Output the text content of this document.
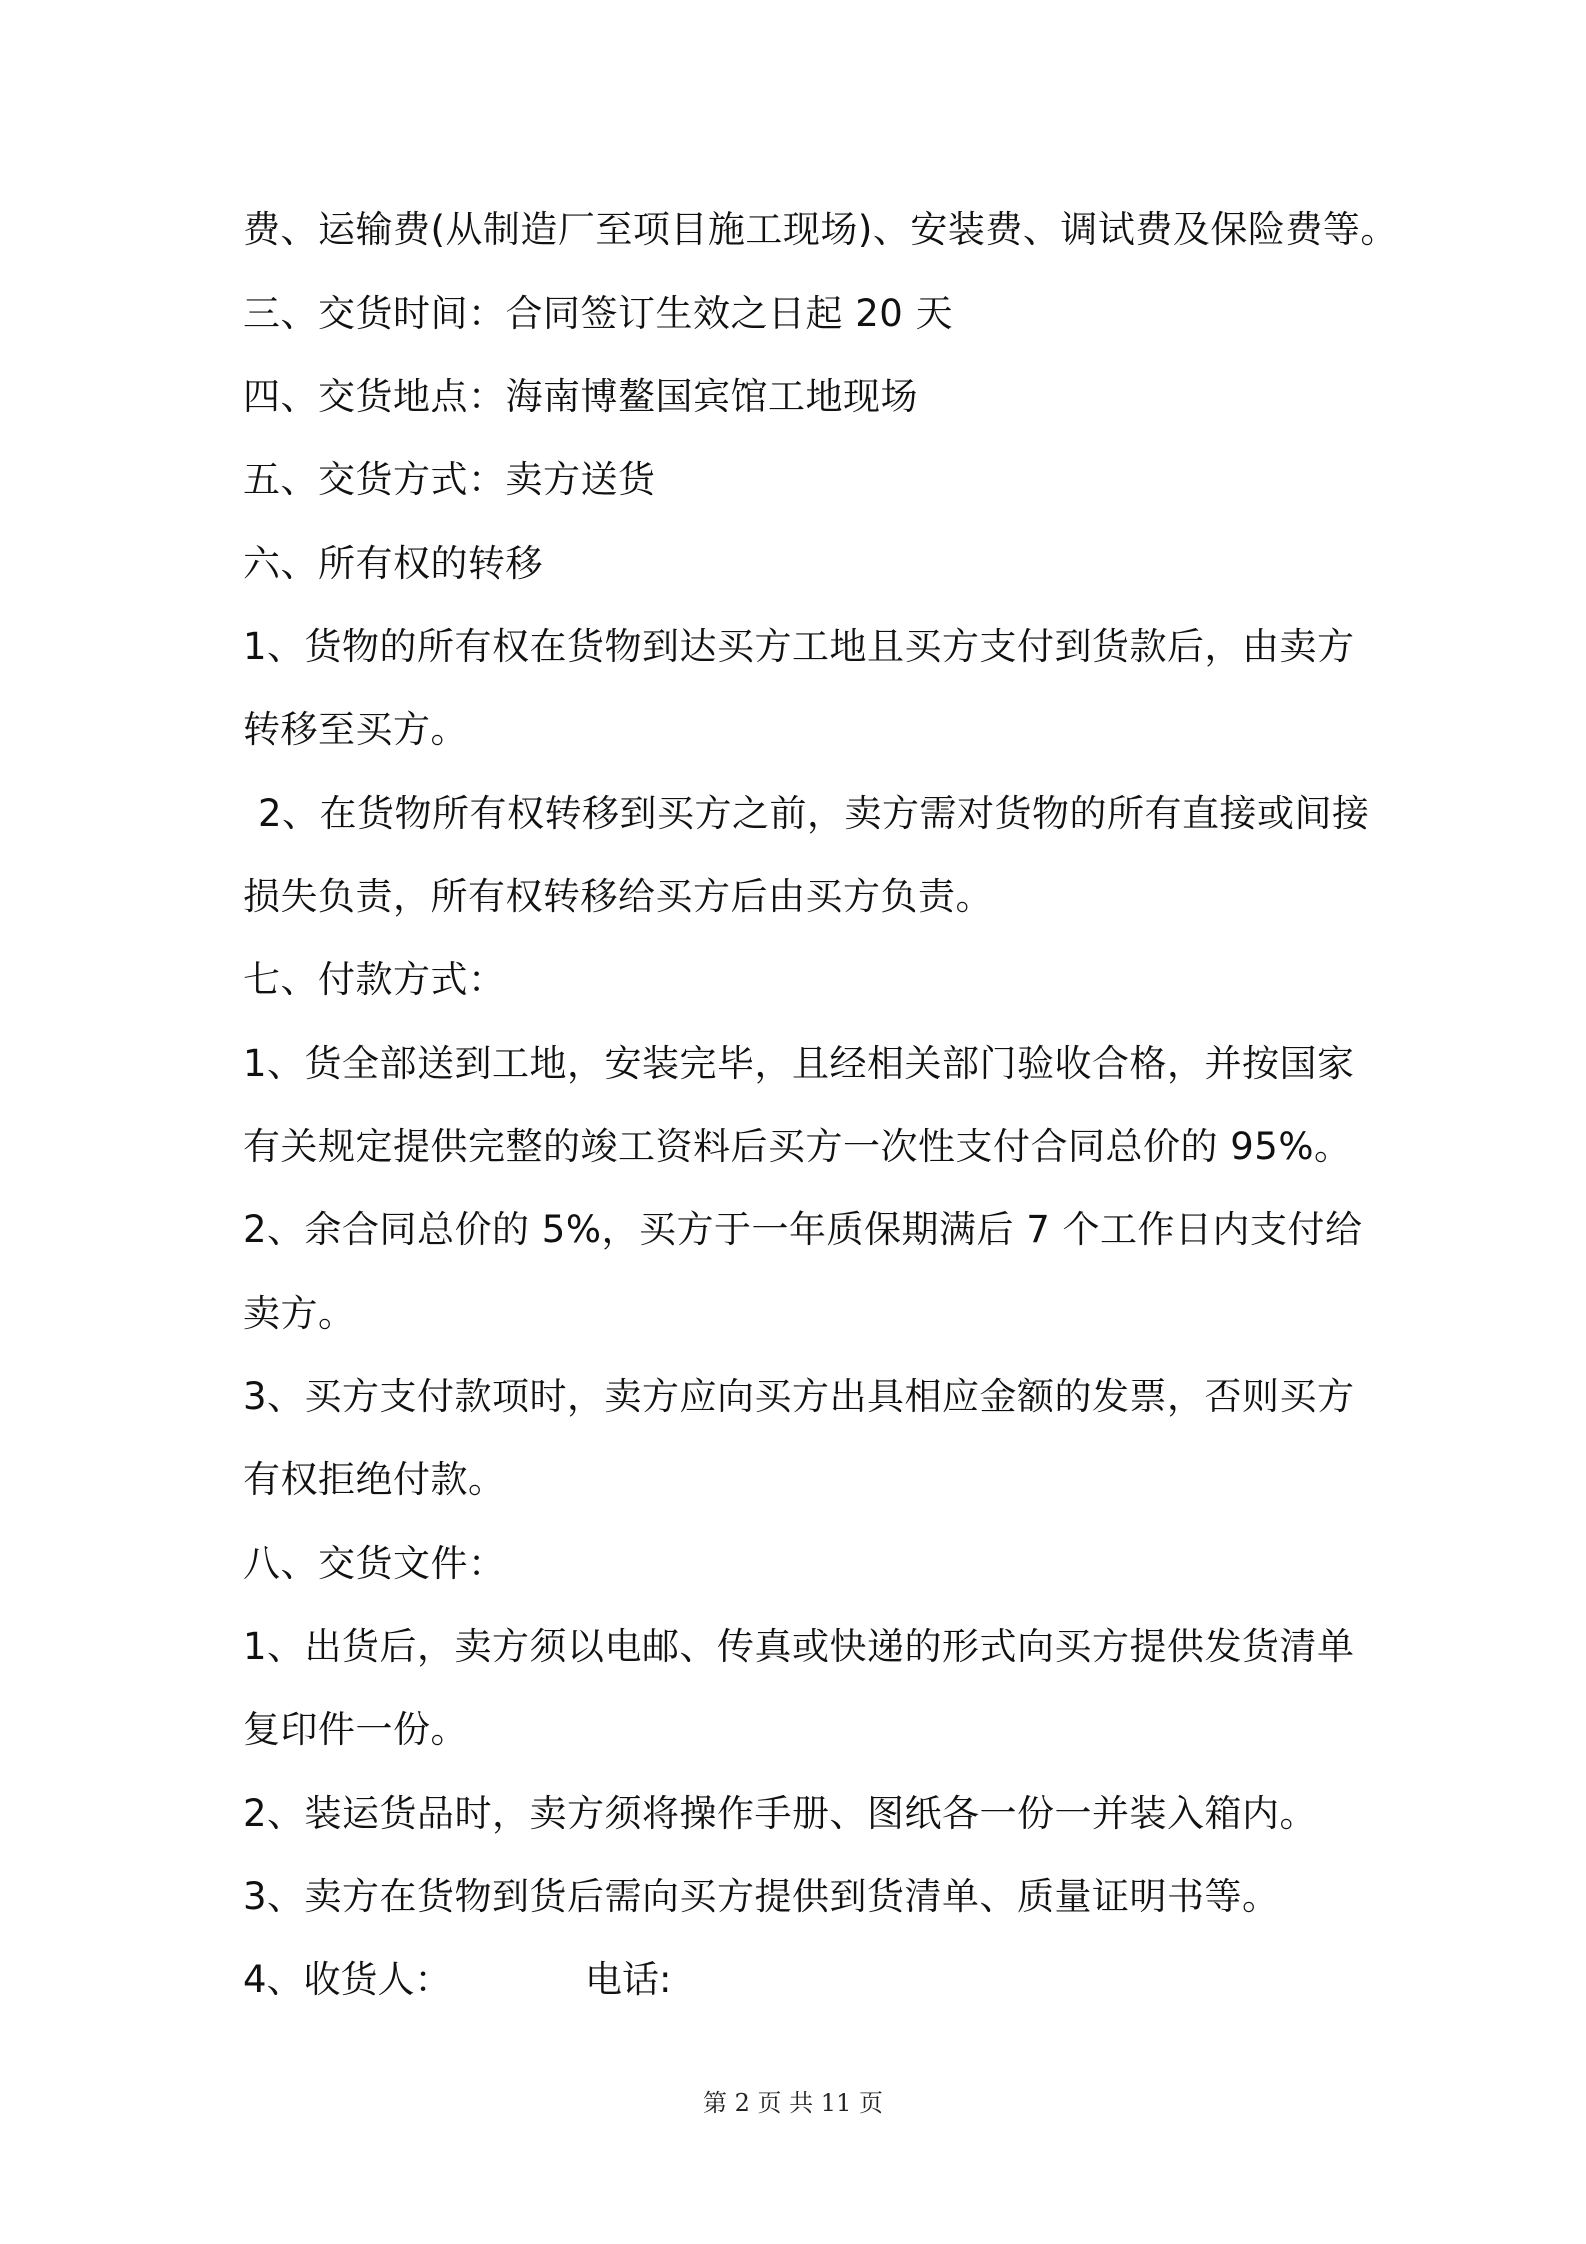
费、运输费(从制造厂至项目施工现场)、安装费、调试费及保险费等。
三、交货时间：合同签订生效之日起 20 天
四、交货地点：海南博鳌国宾馆工地现场
五、交货方式：卖方送货
六、所有权的转移
1、货物的所有权在货物到达买方工地且买方支付到货款后，由卖方
转移至买方。
2、在货物所有权转移到买方之前，卖方需对货物的所有直接或间接
损失负责，所有权转移给买方后由买方负责。
七、付款方式：
1、货全部送到工地，安装完毕，且经相关部门验收合格，并按国家
有关规定提供完整的竣工资料后买方一次性支付合同总价的 95%。
2、余合同总价的 5%，买方于一年质保期满后 7 个工作日内支付给
卖方。
3、买方支付款项时，卖方应向买方出具相应金额的发票，否则买方
有权拒绝付款。
八、交货文件：
1、出货后，卖方须以电邮、传真或快递的形式向买方提供发货清单
复印件一份。
2、装运货品时，卖方须将操作手册、图纸各一份一并装入箱内。
3、卖方在货物到货后需向买方提供到货清单、质量证明书等。
4、收货人：	电话:
第 2 页 共 11 页
